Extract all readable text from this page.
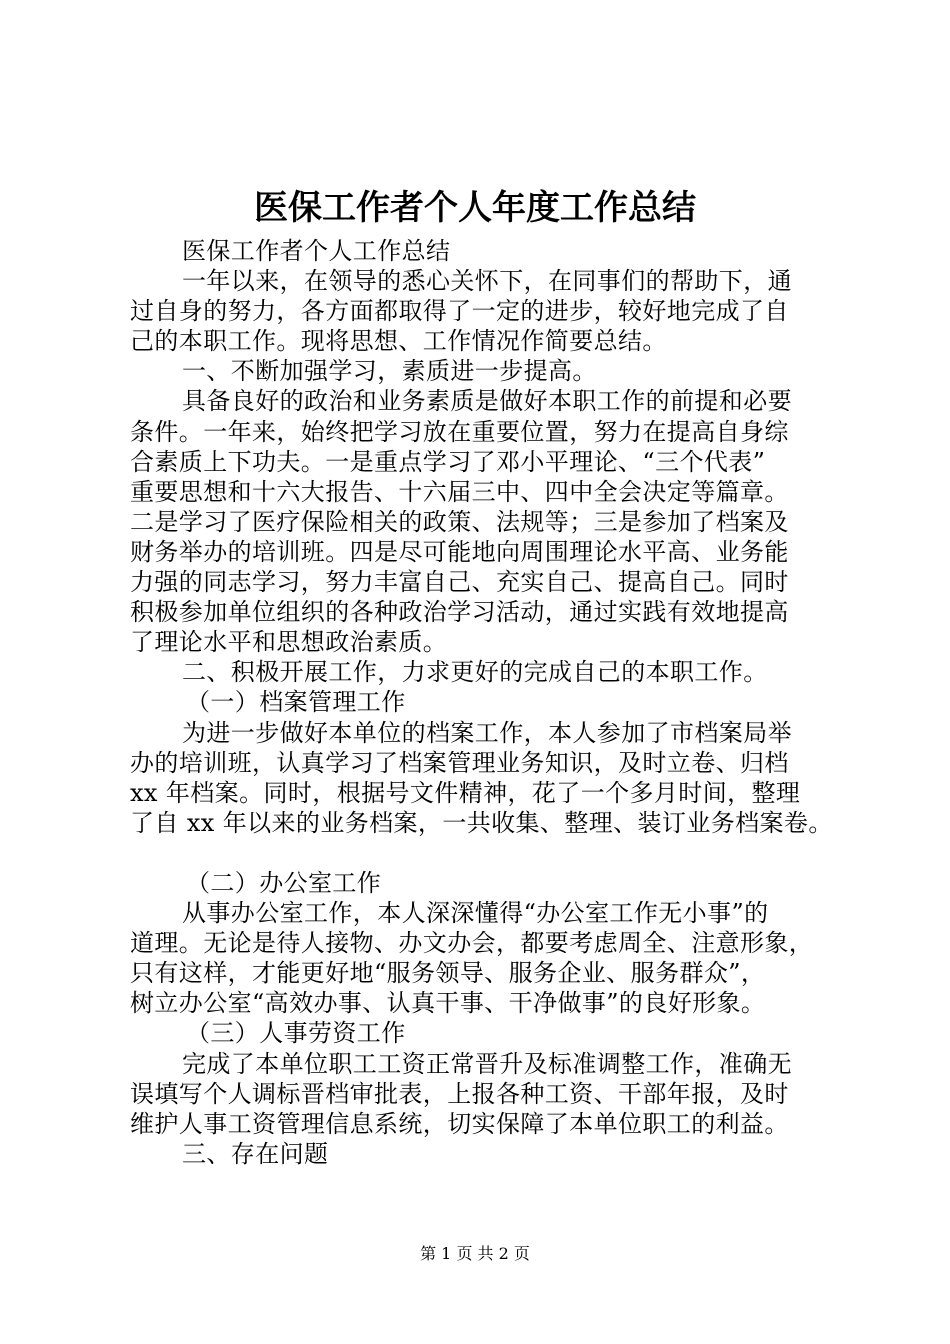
医保工作者个人年度工作总结
医保工作者个人工作总结
一年以来，在领导的悉心关怀下，在同事们的帮助下，通
过自身的努力，各方面都取得了一定的进步，较好地完成了自
己的本职工作。现将思想、工作情况作简要总结。
一、不断加强学习，素质进一步提高。
具备良好的政治和业务素质是做好本职工作的前提和必要
条件。一年来，始终把学习放在重要位置，努力在提高自身综
合素质上下功夫。一是重点学习了邓小平理论、“三个代表”
重要思想和十六大报告、十六届三中、四中全会决定等篇章。
二是学习了医疗保险相关的政策、法规等；三是参加了档案及
财务举办的培训班。四是尽可能地向周围理论水平高、业务能
力强的同志学习，努力丰富自己、充实自己、提高自己。同时
积极参加单位组织的各种政治学习活动，通过实践有效地提高
了理论水平和思想政治素质。
二、积极开展工作，力求更好的完成自己的本职工作。
（一）档案管理工作
为进一步做好本单位的档案工作，本人参加了市档案局举
办的培训班，认真学习了档案管理业务知识，及时立卷、归档
xx 年档案。同时，根据号文件精神，花了一个多月时间，整理
了自 xx 年以来的业务档案，一共收集、整理、装订业务档案卷。
（二）办公室工作
从事办公室工作，本人深深懂得“办公室工作无小事”的
道理。无论是待人接物、办文办会，都要考虑周全、注意形象，
只有这样，才能更好地“服务领导、服务企业、服务群众”，
树立办公室“高效办事、认真干事、干净做事”的良好形象。
（三）人事劳资工作
完成了本单位职工工资正常晋升及标准调整工作，准确无
误填写个人调标晋档审批表，上报各种工资、干部年报，及时
维护人事工资管理信息系统，切实保障了本单位职工的利益。
三、存在问题
第 1 页 共 2 页
